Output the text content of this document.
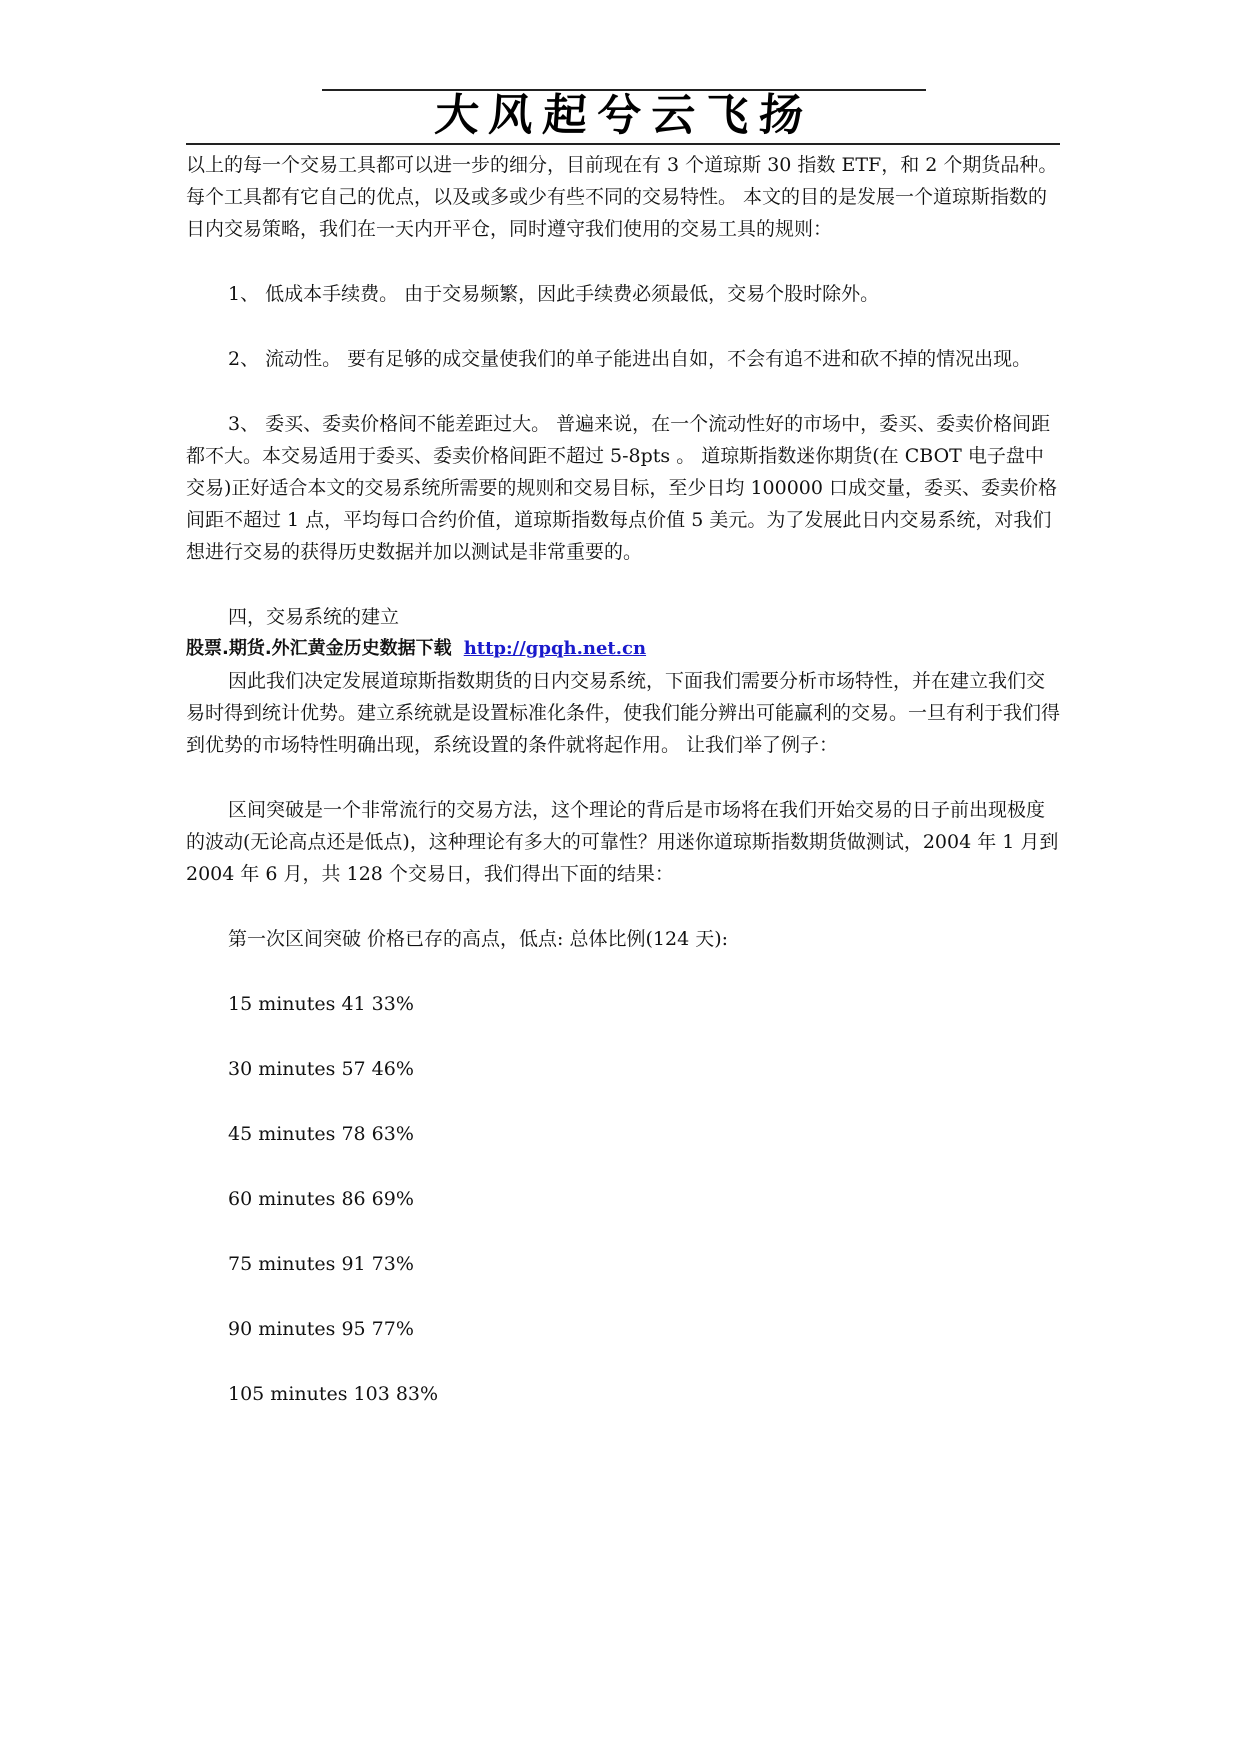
大风起兮云飞扬

以上的每一个交易工具都可以进一步的细分，目前现在有 3 个道琼斯 30 指数 ETF，和 2 个期货品种。每个工具都有它自己的优点，以及或多或少有些不同的交易特性。 本文的目的是发展一个道琼斯指数的日内交易策略，我们在一天内开平仓，同时遵守我们使用的交易工具的规则：

1、 低成本手续费。 由于交易频繁，因此手续费必须最低，交易个股时除外。

2、 流动性。 要有足够的成交量使我们的单子能进出自如，不会有追不进和砍不掉的情况出现。

3、 委买、委卖价格间不能差距过大。 普遍来说，在一个流动性好的市场中，委买、委卖价格间距都不大。本交易适用于委买、委卖价格间距不超过 5-8pts 。 道琼斯指数迷你期货(在 CBOT 电子盘中交易)正好适合本文的交易系统所需要的规则和交易目标，至少日均 100000 口成交量，委买、委卖价格间距不超过 1 点，平均每口合约价值，道琼斯指数每点价值 5 美元。为了发展此日内交易系统，对我们想进行交易的获得历史数据并加以测试是非常重要的。

四，交易系统的建立

股票.期货.外汇黄金历史数据下载 http://gpqh.net.cn

因此我们决定发展道琼斯指数期货的日内交易系统，下面我们需要分析市场特性，并在建立我们交易时得到统计优势。建立系统就是设置标准化条件，使我们能分辨出可能赢利的交易。一旦有利于我们得到优势的市场特性明确出现，系统设置的条件就将起作用。 让我们举了例子：

区间突破是一个非常流行的交易方法，这个理论的背后是市场将在我们开始交易的日子前出现极度的波动(无论高点还是低点)，这种理论有多大的可靠性？用迷你道琼斯指数期货做测试，2004 年 1 月到 2004 年 6 月，共 128 个交易日，我们得出下面的结果：

第一次区间突破 价格已存的高点，低点: 总体比例(124 天):

15 minutes 41 33%

30 minutes 57 46%

45 minutes 78 63%

60 minutes 86 69%

75 minutes 91 73%

90 minutes 95 77%

105 minutes 103 83%
